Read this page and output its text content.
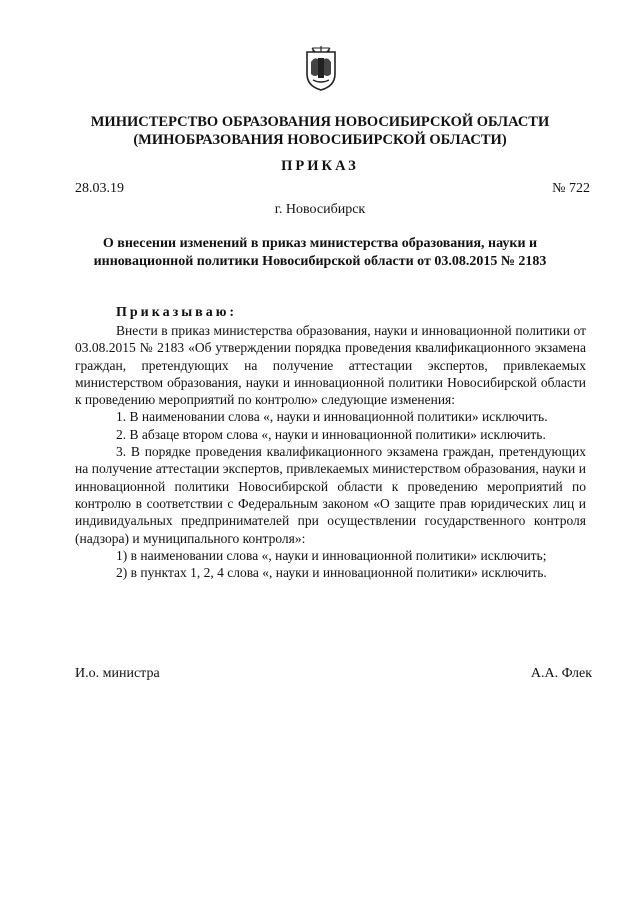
МИНИСТЕРСТВО ОБРАЗОВАНИЯ НОВОСИБИРСКОЙ ОБЛАСТИ
(МИНОБРАЗОВАНИЯ НОВОСИБИРСКОЙ ОБЛАСТИ)
ПРИКАЗ
28.03.19	№ 722
г. Новосибирск
О внесении изменений в приказ министерства образования, науки и
инновационной политики Новосибирской области от 03.08.2015 № 2183
Приказываю:

Внести в приказ министерства образования, науки и инновационной политики от 03.08.2015 № 2183 «Об утверждении порядка проведения квалификационного экзамена граждан, претендующих на получение аттестации экспертов, привлекаемых министерством образования, науки и инновационной политики Новосибирской области к проведению мероприятий по контролю» следующие изменения:

1. В наименовании слова «, науки и инновационной политики» исключить.

2. В абзаце втором слова «, науки и инновационной политики» исключить.

3. В порядке проведения квалификационного экзамена граждан, претендующих на получение аттестации экспертов, привлекаемых министерством образования, науки и инновационной политики Новосибирской области к проведению мероприятий по контролю в соответствии с Федеральным законом «О защите прав юридических лиц и индивидуальных предпринимателей при осуществлении государственного контроля (надзора) и муниципального контроля»:

1) в наименовании слова «, науки и инновационной политики» исключить;

2) в пунктах 1, 2, 4 слова «, науки и инновационной политики» исключить.

И.о. министра	А.А. Флек
